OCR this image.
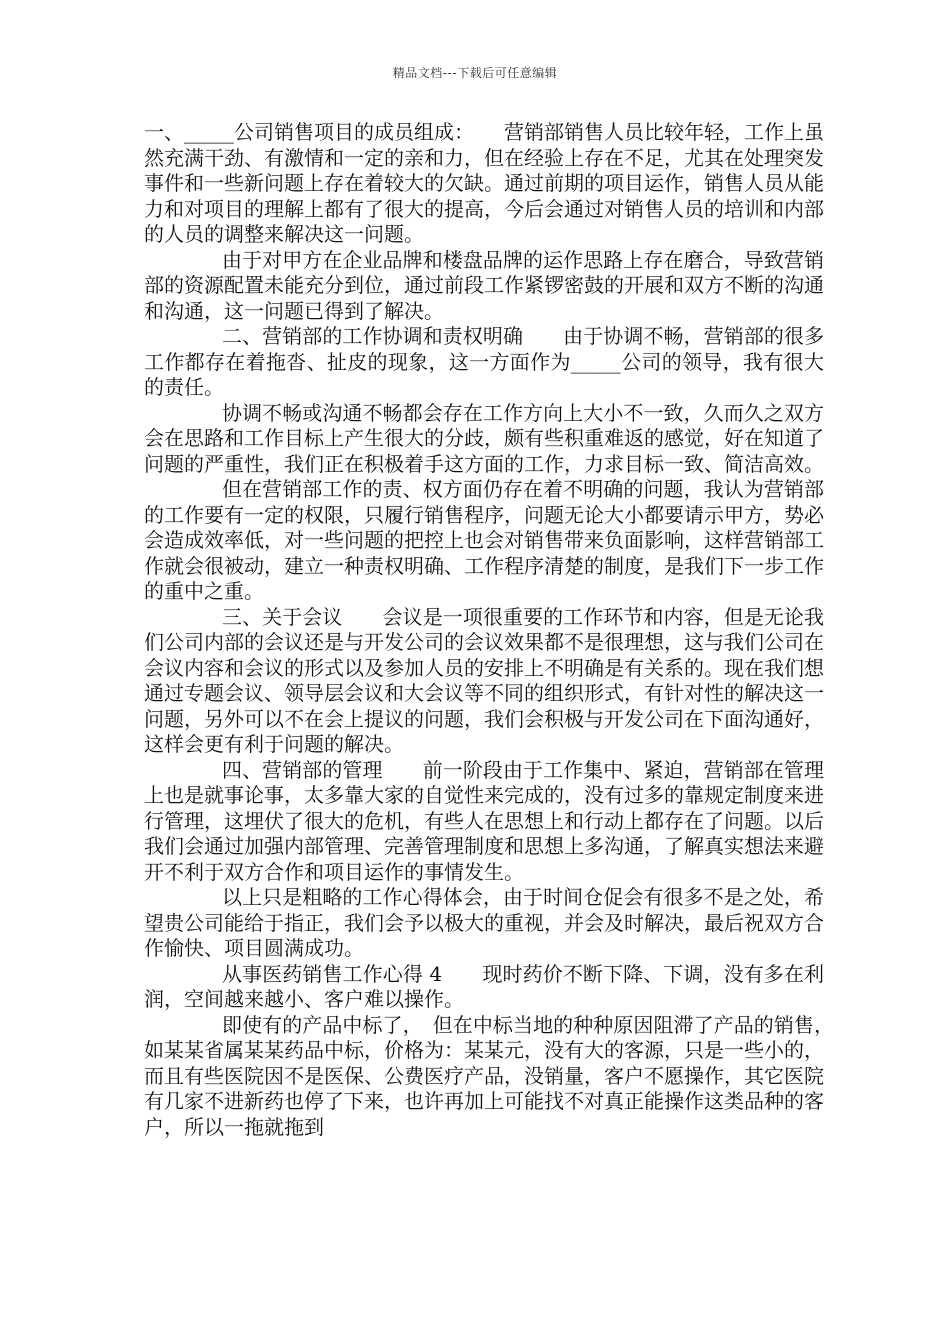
精品文档---下载后可任意编辑

一、_____公司销售项目的成员组成：　　营销部销售人员比较年轻，工作上虽然充满干劲、有激情和一定的亲和力，但在经验上存在不足，尤其在处理突发事件和一些新问题上存在着较大的欠缺。通过前期的项目运作，销售人员从能力和对项目的理解上都有了很大的提高，今后会通过对销售人员的培训和内部的人员的调整来解决这一问题。

由于对甲方在企业品牌和楼盘品牌的运作思路上存在磨合，导致营销部的资源配置未能充分到位，通过前段工作紧锣密鼓的开展和双方不断的沟通和沟通，这一问题已得到了解决。

二、营销部的工作协调和责权明确　　由于协调不畅，营销部的很多工作都存在着拖沓、扯皮的现象，这一方面作为_____公司的领导，我有很大的责任。

协调不畅或沟通不畅都会存在工作方向上大小不一致，久而久之双方会在思路和工作目标上产生很大的分歧，颇有些积重难返的感觉，好在知道了问题的严重性，我们正在积极着手这方面的工作，力求目标一致、简洁高效。

但在营销部工作的责、权方面仍存在着不明确的问题，我认为营销部的工作要有一定的权限，只履行销售程序，问题无论大小都要请示甲方，势必会造成效率低，对一些问题的把控上也会对销售带来负面影响，这样营销部工作就会很被动，建立一种责权明确、工作程序清楚的制度，是我们下一步工作的重中之重。

三、关于会议　　会议是一项很重要的工作环节和内容，但是无论我们公司内部的会议还是与开发公司的会议效果都不是很理想，这与我们公司在会议内容和会议的形式以及参加人员的安排上不明确是有关系的。现在我们想通过专题会议、领导层会议和大会议等不同的组织形式，有针对性的解决这一问题，另外可以不在会上提议的问题，我们会积极与开发公司在下面沟通好，这样会更有利于问题的解决。

四、营销部的管理　　前一阶段由于工作集中、紧迫，营销部在管理上也是就事论事，太多靠大家的自觉性来完成的，没有过多的靠规定制度来进行管理，这埋伏了很大的危机，有些人在思想上和行动上都存在了问题。以后我们会通过加强内部管理、完善管理制度和思想上多沟通，了解真实想法来避开不利于双方合作和项目运作的事情发生。

以上只是粗略的工作心得体会，由于时间仓促会有很多不是之处，希望贵公司能给于指正，我们会予以极大的重视，并会及时解决，最后祝双方合作愉快、项目圆满成功。

从事医药销售工作心得 4　　现时药价不断下降、下调，没有多在利润，空间越来越小、客户难以操作。

即使有的产品中标了，　但在中标当地的种种原因阻滞了产品的销售，　如某某省属某某药品中标，价格为：某某元，没有大的客源，只是一些小的，而且有些医院因不是医保、公费医疗产品，没销量，客户不愿操作，其它医院有几家不进新药也停了下来，也许再加上可能找不对真正能操作这类品种的客户，所以一拖就拖到
